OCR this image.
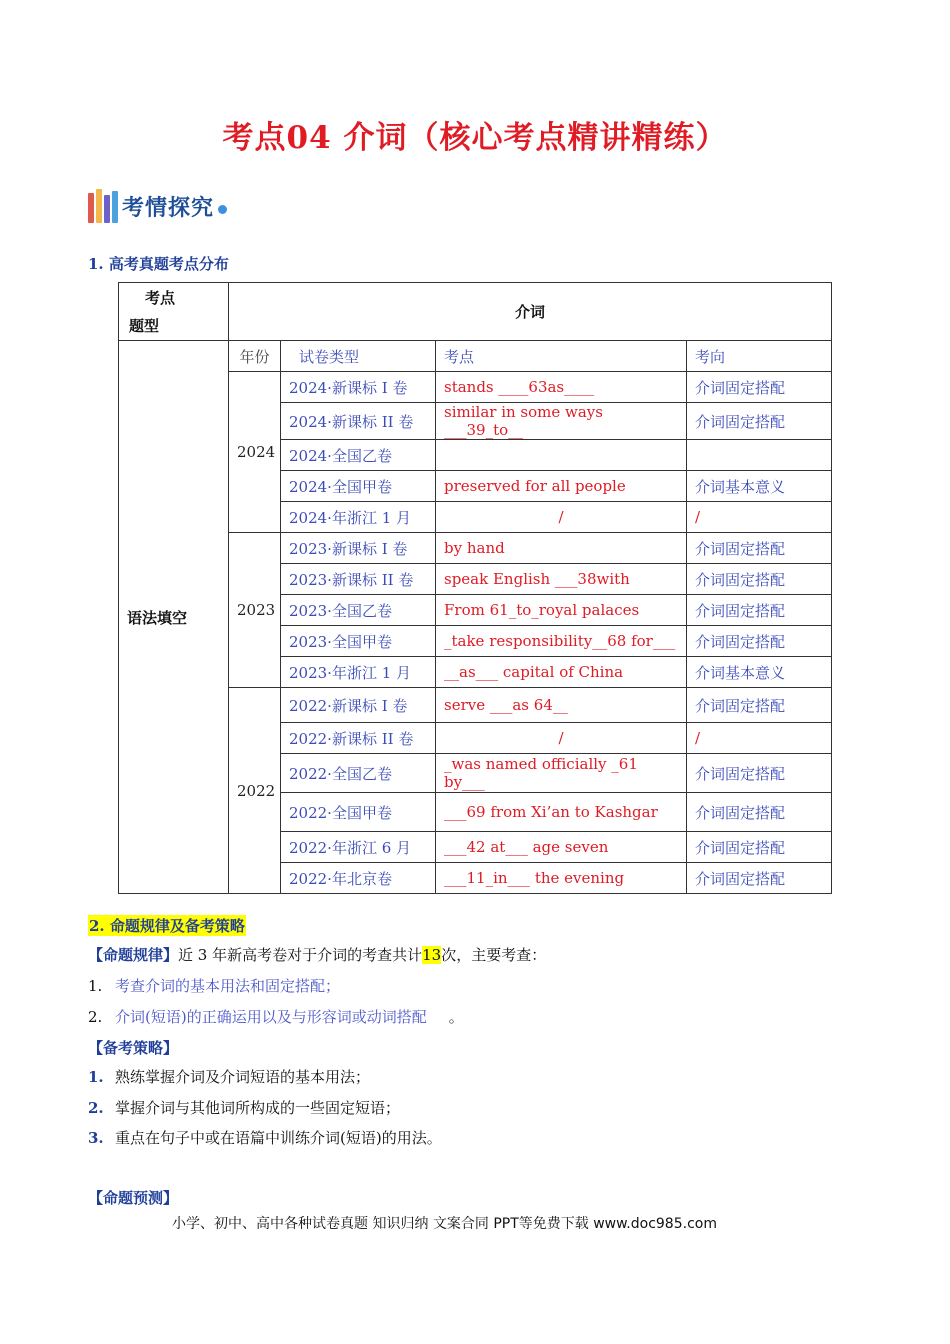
考点04 介词（核心考点精讲精练）
考情探究
1. 高考真题考点分布
考点
题型	介词			
语法填空	年份	试卷类型	考点	考向
	2024	2024·新课标 I 卷	stands ____63as____	介词固定搭配
		2024·新课标 II 卷	similar in some ways ___39_to__	介词固定搭配
		2024·全国乙卷		
		2024·全国甲卷	preserved for all people	介词基本意义
		2024·年浙江 1 月	/	/
	2023	2023·新课标 I 卷	by hand	介词固定搭配
		2023·新课标 II 卷	speak English ___38with	介词固定搭配
		2023·全国乙卷	From 61_to_royal palaces	介词固定搭配
		2023·全国甲卷	_take responsibility__68 for___	介词固定搭配
		2023·年浙江 1 月	__as___ capital of China	介词基本意义
	2022	2022·新课标 I 卷	serve ___as 64__	介词固定搭配
		2022·新课标 II 卷	/	/
		2022·全国乙卷	_was named officially _61 by___	介词固定搭配
		2022·全国甲卷	___69 from Xi’an to Kashgar	介词固定搭配
		2022·年浙江 6 月	___42 at___ age seven	介词固定搭配
		2022·年北京卷	___11_in___ the evening	介词固定搭配
2. 命题规律及备考策略
【命题规律】近 3 年新高考卷对于介词的考查共计13次，主要考查：
1. 考查介词的基本用法和固定搭配；
2. 介词(短语)的正确运用以及与形容词或动词搭配 。
【备考策略】
1. 熟练掌握介词及介词短语的基本用法；
2. 掌握介词与其他词所构成的一些固定短语；
3. 重点在句子中或在语篇中训练介词(短语)的用法。
【命题预测】
小学、初中、高中各种试卷真题 知识归纳 文案合同 PPT等免费下载 www.doc985.com
